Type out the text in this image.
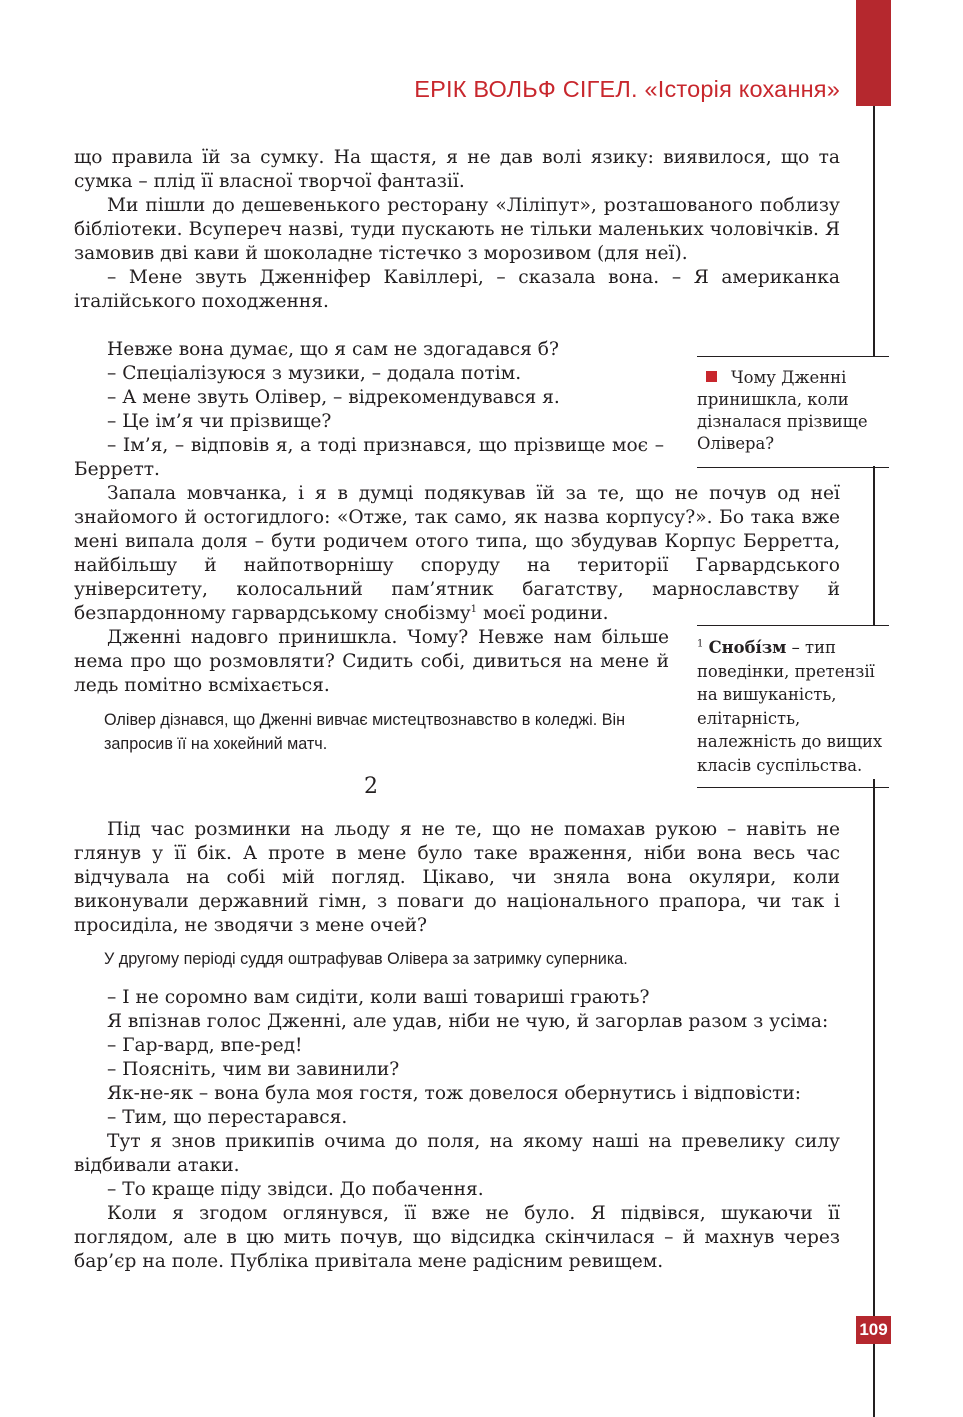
ЕРІК ВОЛЬФ СІГЕЛ. «Історія кохання»

що правила їй за сумку. На щастя, я не дав волі язику: виявилося, що та сумка – плід її власної творчої фантазії.

Ми пішли до дешевенького ресторану «Ліліпут», розташованого поблизу бібліотеки. Всупереч назві, туди пускають не тільки маленьких чоловічків. Я замовив дві кави й шоколадне тістечко з морозивом (для неї).

– Мене звуть Дженніфер Кавіллері, – сказала вона. – Я американка італійського походження.

Невже вона думає, що я сам не здогадався б?

– Спеціалізуюся з музики, – додала потім.

– А мене звуть Олівер, – відрекомендувався я.

– Це ім’я чи прізвище?

– Ім’я, – відповів я, а тоді признався, що прізвище моє – Берретт.

Запала мовчанка, і я в думці подякував їй за те, що не почув од неї знайомого й остогидлого: «Отже, так само, як назва корпусу?». Бо така вже мені випала доля – бути родичем отого типа, що збудував Корпус Берретта, найбільшу й найпотворнішу споруду на території Гарвардського університету, колосальний пам’ятник багатству, марнославству й безпардонному гарвардському снобізму$^1$ моєї родини.

Дженні надовго принишкла. Чому? Невже нам більше нема про що розмовляти? Сидить собі, дивиться на мене й ледь помітно всміхається.

Олівер дізнався, що Дженні вивчає мистецтвознавство в коледжі. Він запросив її на хокейний матч.
2

Під час розминки на льоду я не те, що не помахав рукою – навіть не глянув у її бік. А проте в мене було таке враження, ніби вона весь час відчувала на собі мій погляд. Цікаво, чи зняла вона окуляри, коли виконували державний гімн, з поваги до національного прапора, чи так і просиділа, не зводячи з мене очей?

У другому періоді суддя оштрафував Олівера за затримку суперника.

– І не соромно вам сидіти, коли ваші товариші грають?

Я впізнав голос Дженні, але удав, ніби не чую, й загорлав разом з усіма:

– Гар-вард, впе-ред!

– Поясніть, чим ви завинили?

Як-не-як – вона була моя гостя, тож довелося обернутись і відповісти:

– Тим, що перестарався.

Тут я знов прикипів очима до поля, на якому наші на превелику силу відбивали атаки.

– То краще піду звідси. До побачення.

Коли я згодом оглянувся, її вже не було. Я підвівся, шукаючи її поглядом, але в цю мить почув, що відсидка скінчилася – й махнув через бар’єр на поле. Публіка привітала мене радісним ревищем.

Чому Дженні принишкла, коли дізналася прізвище Олівера?
$^1$ Снобі́зм – тип поведінки, претензії на вишуканість, елітарність, належність до вищих класів суспільства.
109
